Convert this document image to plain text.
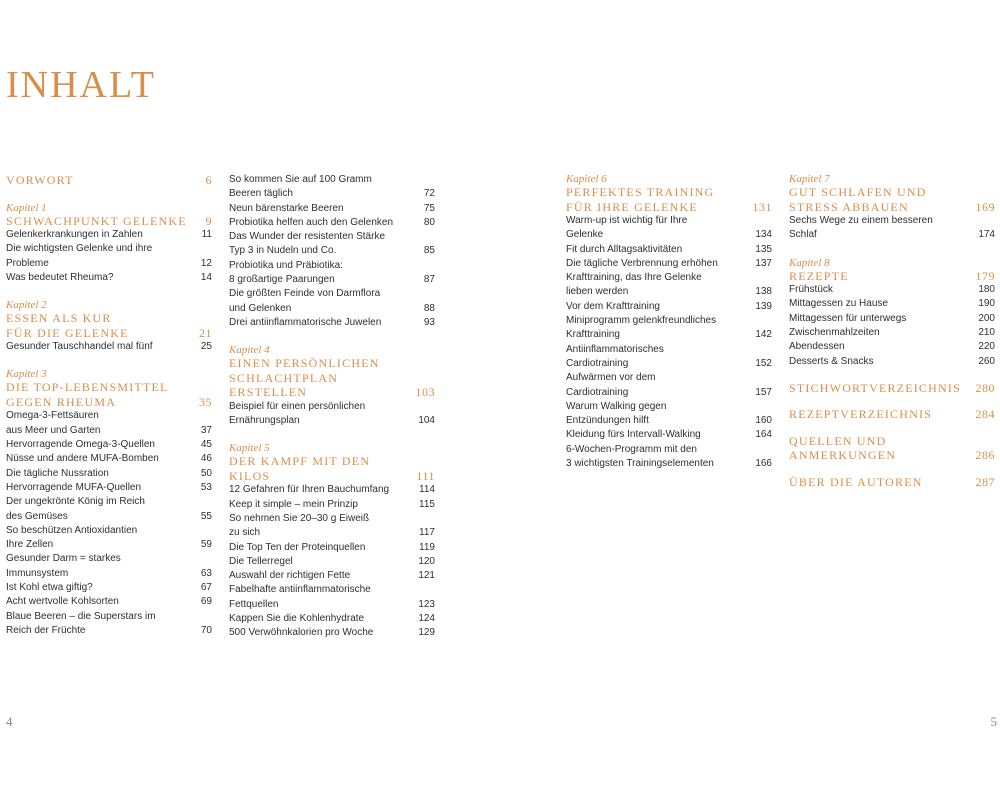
INHALT
VORWORT	6
Kapitel 1
SCHWACHPUNKT GELENKE	9
Gelenkerkrankungen in Zahlen	11
Die wichtigsten Gelenke und ihre
Probleme	12
Was bedeutet Rheuma?	14
Kapitel 2
ESSEN ALS KUR
FÜR DIE GELENKE	21
Gesunder Tauschhandel mal fünf	25
Kapitel 3
DIE TOP-LEBENSMITTEL
GEGEN RHEUMA	35
Omega-3-Fettsäuren
aus Meer und Garten	37
Hervorragende Omega-3-Quellen	45
Nüsse und andere MUFA-Bomben	46
Die tägliche Nussration	50
Hervorragende MUFA-Quellen	53
Der ungekrönte König im Reich
des Gemüses	55
So beschützen Antioxidantien
Ihre Zellen	59
Gesunder Darm = starkes
Immunsystem	63
Ist Kohl etwa giftig?	67
Acht wertvolle Kohlsorten	69
Blaue Beeren – die Superstars im
Reich der Früchte	70
So kommen Sie auf 100 Gramm
Beeren täglich	72
Neun bärenstarke Beeren	75
Probiotika helfen auch den Gelenken	80
Das Wunder der resistenten Stärke
Typ 3 in Nudeln und Co.	85
Probiotika und Präbiotika:
8 großartige Paarungen	87
Die größten Feinde von Darmflora
und Gelenken	88
Drei antiinflammatorische Juwelen	93
Kapitel 4
EINEN PERSÖNLICHEN
SCHLACHTPLAN
ERSTELLEN	103
Beispiel für einen persönlichen
Ernährungsplan	104
Kapitel 5
DER KAMPF MIT DEN
KILOS	111
12 Gefahren für Ihren Bauchumfang	114
Keep it simple – mein Prinzip	115
So nehmen Sie 20–30 g Eiweiß
zu sich	117
Die Top Ten der Proteinquellen	119
Die Tellerregel	120
Auswahl der richtigen Fette	121
Fabelhafte antiinflammatorische
Fettquellen	123
Kappen Sie die Kohlenhydrate	124
500 Verwöhnkalorien pro Woche	129
Kapitel 6
PERFEKTES TRAINING
FÜR IHRE GELENKE	131
Warm-up ist wichtig für Ihre
Gelenke	134
Fit durch Alltagsaktivitäten	135
Die tägliche Verbrennung erhöhen	137
Krafttraining, das Ihre Gelenke
lieben werden	138
Vor dem Krafttraining	139
Miniprogramm gelenkfreundliches
Krafttraining	142
Antiinflammatorisches
Cardiotraining	152
Aufwärmen vor dem
Cardiotraining	157
Warum Walking gegen
Entzündungen hilft	160
Kleidung fürs Intervall-Walking	164
6-Wochen-Programm mit den
3 wichtigsten Trainingselementen	166
Kapitel 7
GUT SCHLAFEN UND
STRESS ABBAUEN	169
Sechs Wege zu einem besseren
Schlaf	174
Kapitel 8
REZEPTE	179
Frühstück	180
Mittagessen zu Hause	190
Mittagessen für unterwegs	200
Zwischenmahlzeiten	210
Abendessen	220
Desserts & Snacks	260
STICHWORTVERZEICHNIS	280
REZEPTVERZEICHNIS	284
QUELLEN UND
ANMERKUNGEN	286
ÜBER DIE AUTOREN	287
4	5
